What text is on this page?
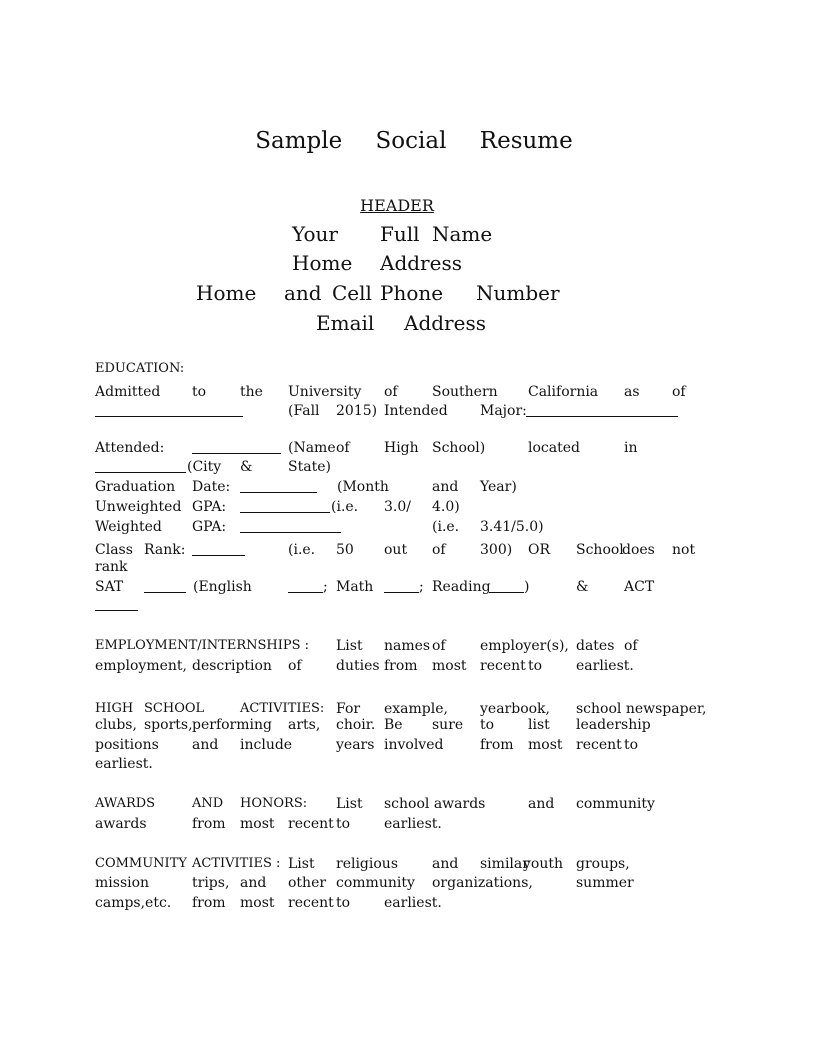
Sample Social Resume
HEADER
Your Full Name
Home Address
Home and Cell Phone Number
Email Address
EDUCATION:
Admitted to the University of Southern California as of
(Fall 2015) Intended Major:
Attended:	(Name of High School)	located	in
(City &	State)
Graduation Date:	(Month	and Year)
Unweighted GPA:	(i.e. 3.0/ 4.0)
Weighted GPA:	(i.e. 3.41/5.0)
Class Rank:	(i.e. 50 out of 300) OR School
does not
rank
SAT	(English	; Math	; Reading )	&	ACT
EMPLOYMENT/INTERNSHIPS : List names of employer(s), dates of
employment, description of duties from most recent to earliest.
HIGH SCHOOL	ACTIVITIES: For example, yearbook, school newspaper,
clubs, sports, performing arts, choir. Be sure to list leadership
positions and include	years involved	from most recent to
earliest.
AWARDS	AND HONORS: List school awards	and community
awards	from most recent to earliest.
COMMUNITY ACTIVITIES : List religious and similar
youth groups,
mission	trips, and other community organizations,	summer
camps,etc. from most recent to earliest.
